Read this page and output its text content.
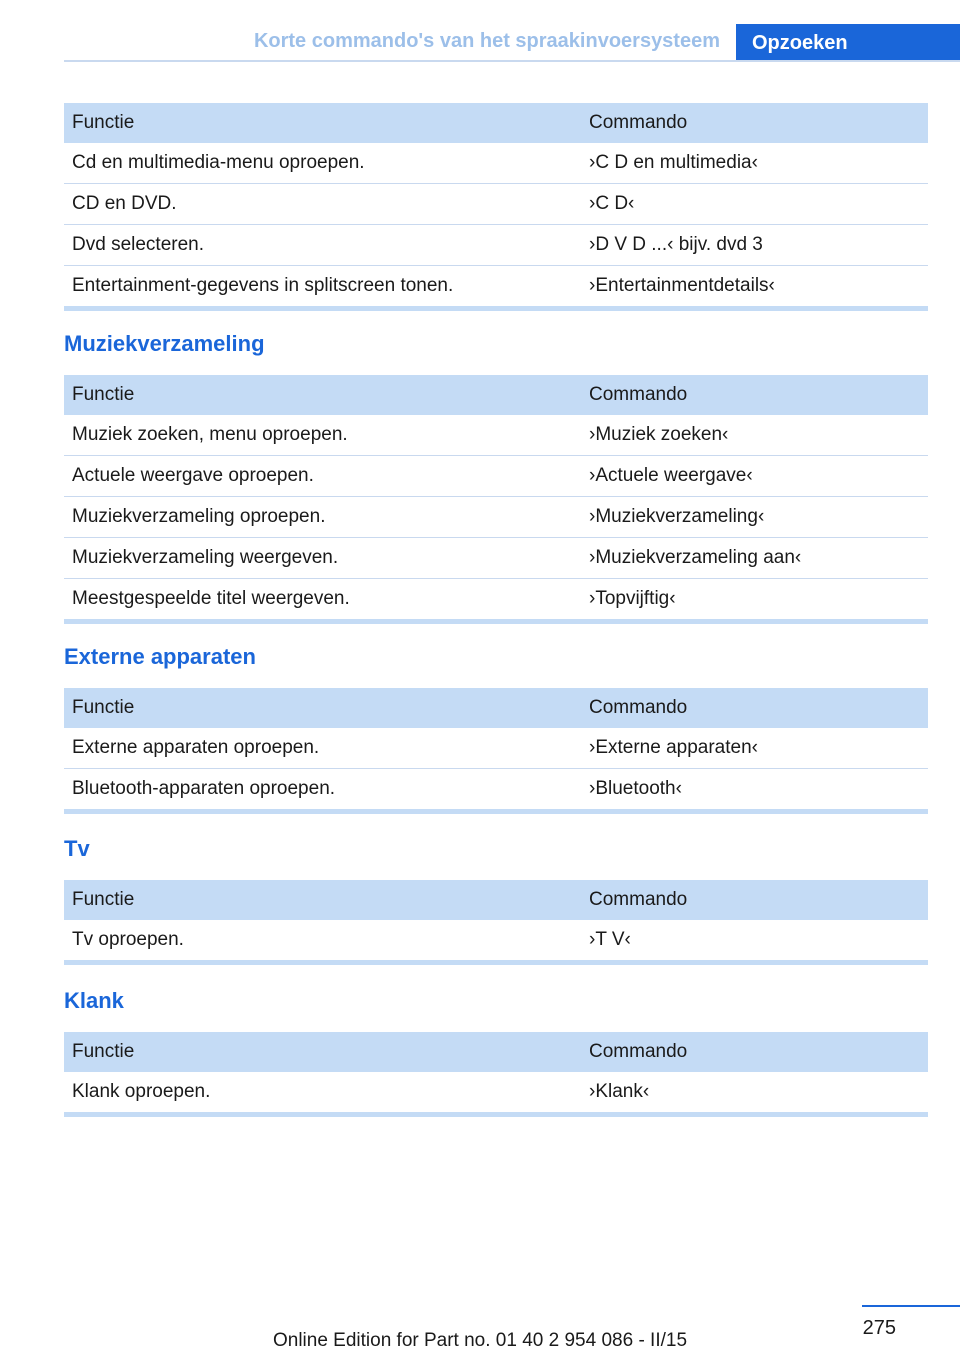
Korte commando's van het spraakinvoersysteem	Opzoeken
Functie	Commando
Cd en multimedia-menu oproepen.	›C D en multimedia‹
CD en DVD.	›C D‹
Dvd selecteren.	›D V D ...‹ bijv. dvd 3
Entertainment-gegevens in splitscreen tonen.	›Entertainmentdetails‹
Muziekverzameling
Functie	Commando
Muziek zoeken, menu oproepen.	›Muziek zoeken‹
Actuele weergave oproepen.	›Actuele weergave‹
Muziekverzameling oproepen.	›Muziekverzameling‹
Muziekverzameling weergeven.	›Muziekverzameling aan‹
Meestgespeelde titel weergeven.	›Topvijftig‹
Externe apparaten
Functie	Commando
Externe apparaten oproepen.	›Externe apparaten‹
Bluetooth-apparaten oproepen.	›Bluetooth‹
Tv
Functie	Commando
Tv oproepen.	›T V‹
Klank
Functie	Commando
Klank oproepen.	›Klank‹
275
Online Edition for Part no. 01 40 2 954 086 - II/15
